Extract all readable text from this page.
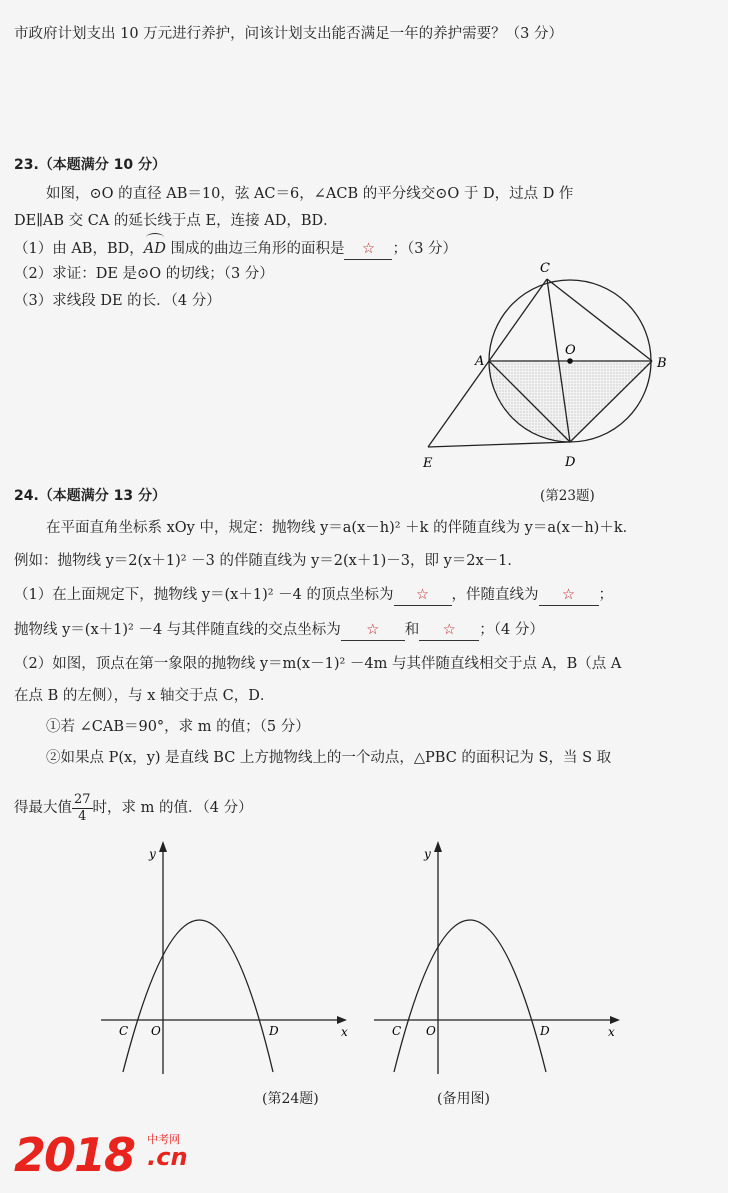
市政府计划支出 10 万元进行养护，问该计划支出能否满足一年的养护需要？（3 分）
23.（本题满分 10 分）
如图，⊙O 的直径 AB＝10，弦 AC＝6，∠ACB 的平分线交⊙O 于 D，过点 D 作
DE∥AB 交 CA 的延长线于点 E，连接 AD，BD．
（1）由 AB，BD，
AD 围成的曲边三角形的面积是 ☆ ；（3 分）
（2）求证：DE 是⊙O 的切线；（3 分）
（3）求线段 DE 的长．（4 分）
C
O
A	B
E	D
24.（本题满分 13 分）	(第23题)
在平面直角坐标系 xOy 中，规定：抛物线 y＝a(x－h)² ＋k 的伴随直线为 y＝a(x－h)＋k．
例如：抛物线 y＝2(x＋1)² －3 的伴随直线为 y＝2(x＋1)－3，即 y＝2x－1．
（1）在上面规定下，抛物线 y＝(x＋1)² －4 的顶点坐标为 ☆ ，伴随直线为 ☆ ；
抛物线 y＝(x＋1)² －4 与其伴随直线的交点坐标为 ☆ 和 ☆ ；（4 分）
（2）如图，顶点在第一象限的抛物线 y＝m(x－1)² －4m 与其伴随直线相交于点 A，B（点 A
在点 B 的左侧），与 x 轴交于点 C，D．
①若 ∠CAB＝90°，求 m 的值；（5 分）
②如果点 P(x，y) 是直线 BC 上方抛物线上的一个动点，△PBC 的面积记为 S，当 S 取
得最大值 $\frac{27}{4}$ 时，求 m 的值．（4 分）
y
x
C O	D
y
x
C O	D
(第24题)	(备用图)
2018 中考网
.cn
